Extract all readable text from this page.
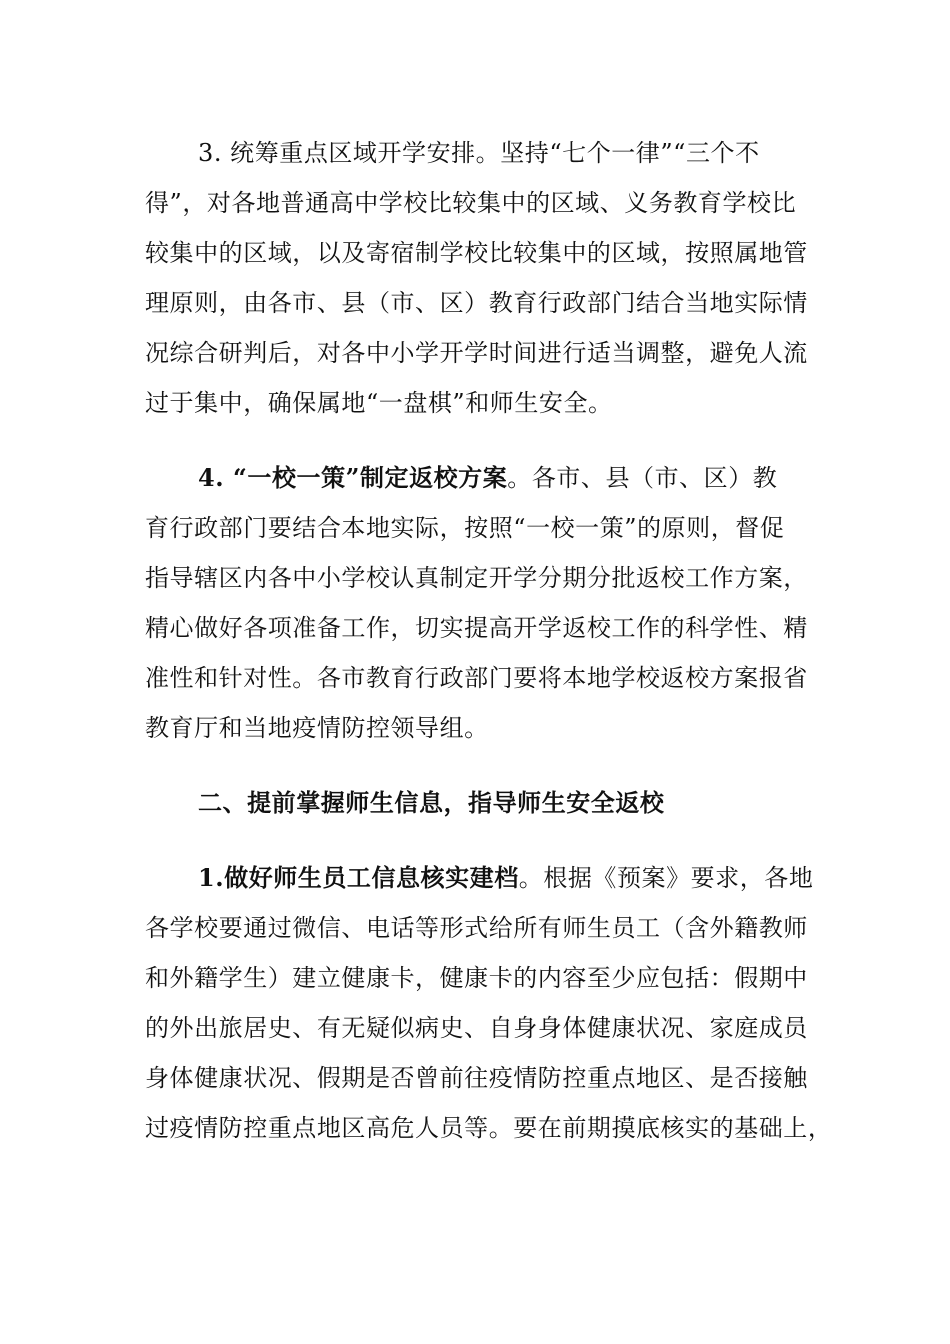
3. 统筹重点区域开学安排。坚持“七个一律”“三个不
得”，对各地普通高中学校比较集中的区域、义务教育学校比
较集中的区域，以及寄宿制学校比较集中的区域，按照属地管
理原则，由各市、县（市、区）教育行政部门结合当地实际情
况综合研判后，对各中小学开学时间进行适当调整，避免人流
过于集中，确保属地“一盘棋”和师生安全。
4. “一校一策”制定返校方案。各市、县（市、区）教
育行政部门要结合本地实际，按照“一校一策”的原则，督促
指导辖区内各中小学校认真制定开学分期分批返校工作方案，
精心做好各项准备工作，切实提高开学返校工作的科学性、精
准性和针对性。各市教育行政部门要将本地学校返校方案报省
教育厅和当地疫情防控领导组。
二、提前掌握师生信息，指导师生安全返校
1.做好师生员工信息核实建档。根据《预案》要求，各地
各学校要通过微信、电话等形式给所有师生员工（含外籍教师
和外籍学生）建立健康卡，健康卡的内容至少应包括：假期中
的外出旅居史、有无疑似病史、自身身体健康状况、家庭成员
身体健康状况、假期是否曾前往疫情防控重点地区、是否接触
过疫情防控重点地区高危人员等。要在前期摸底核实的基础上，
